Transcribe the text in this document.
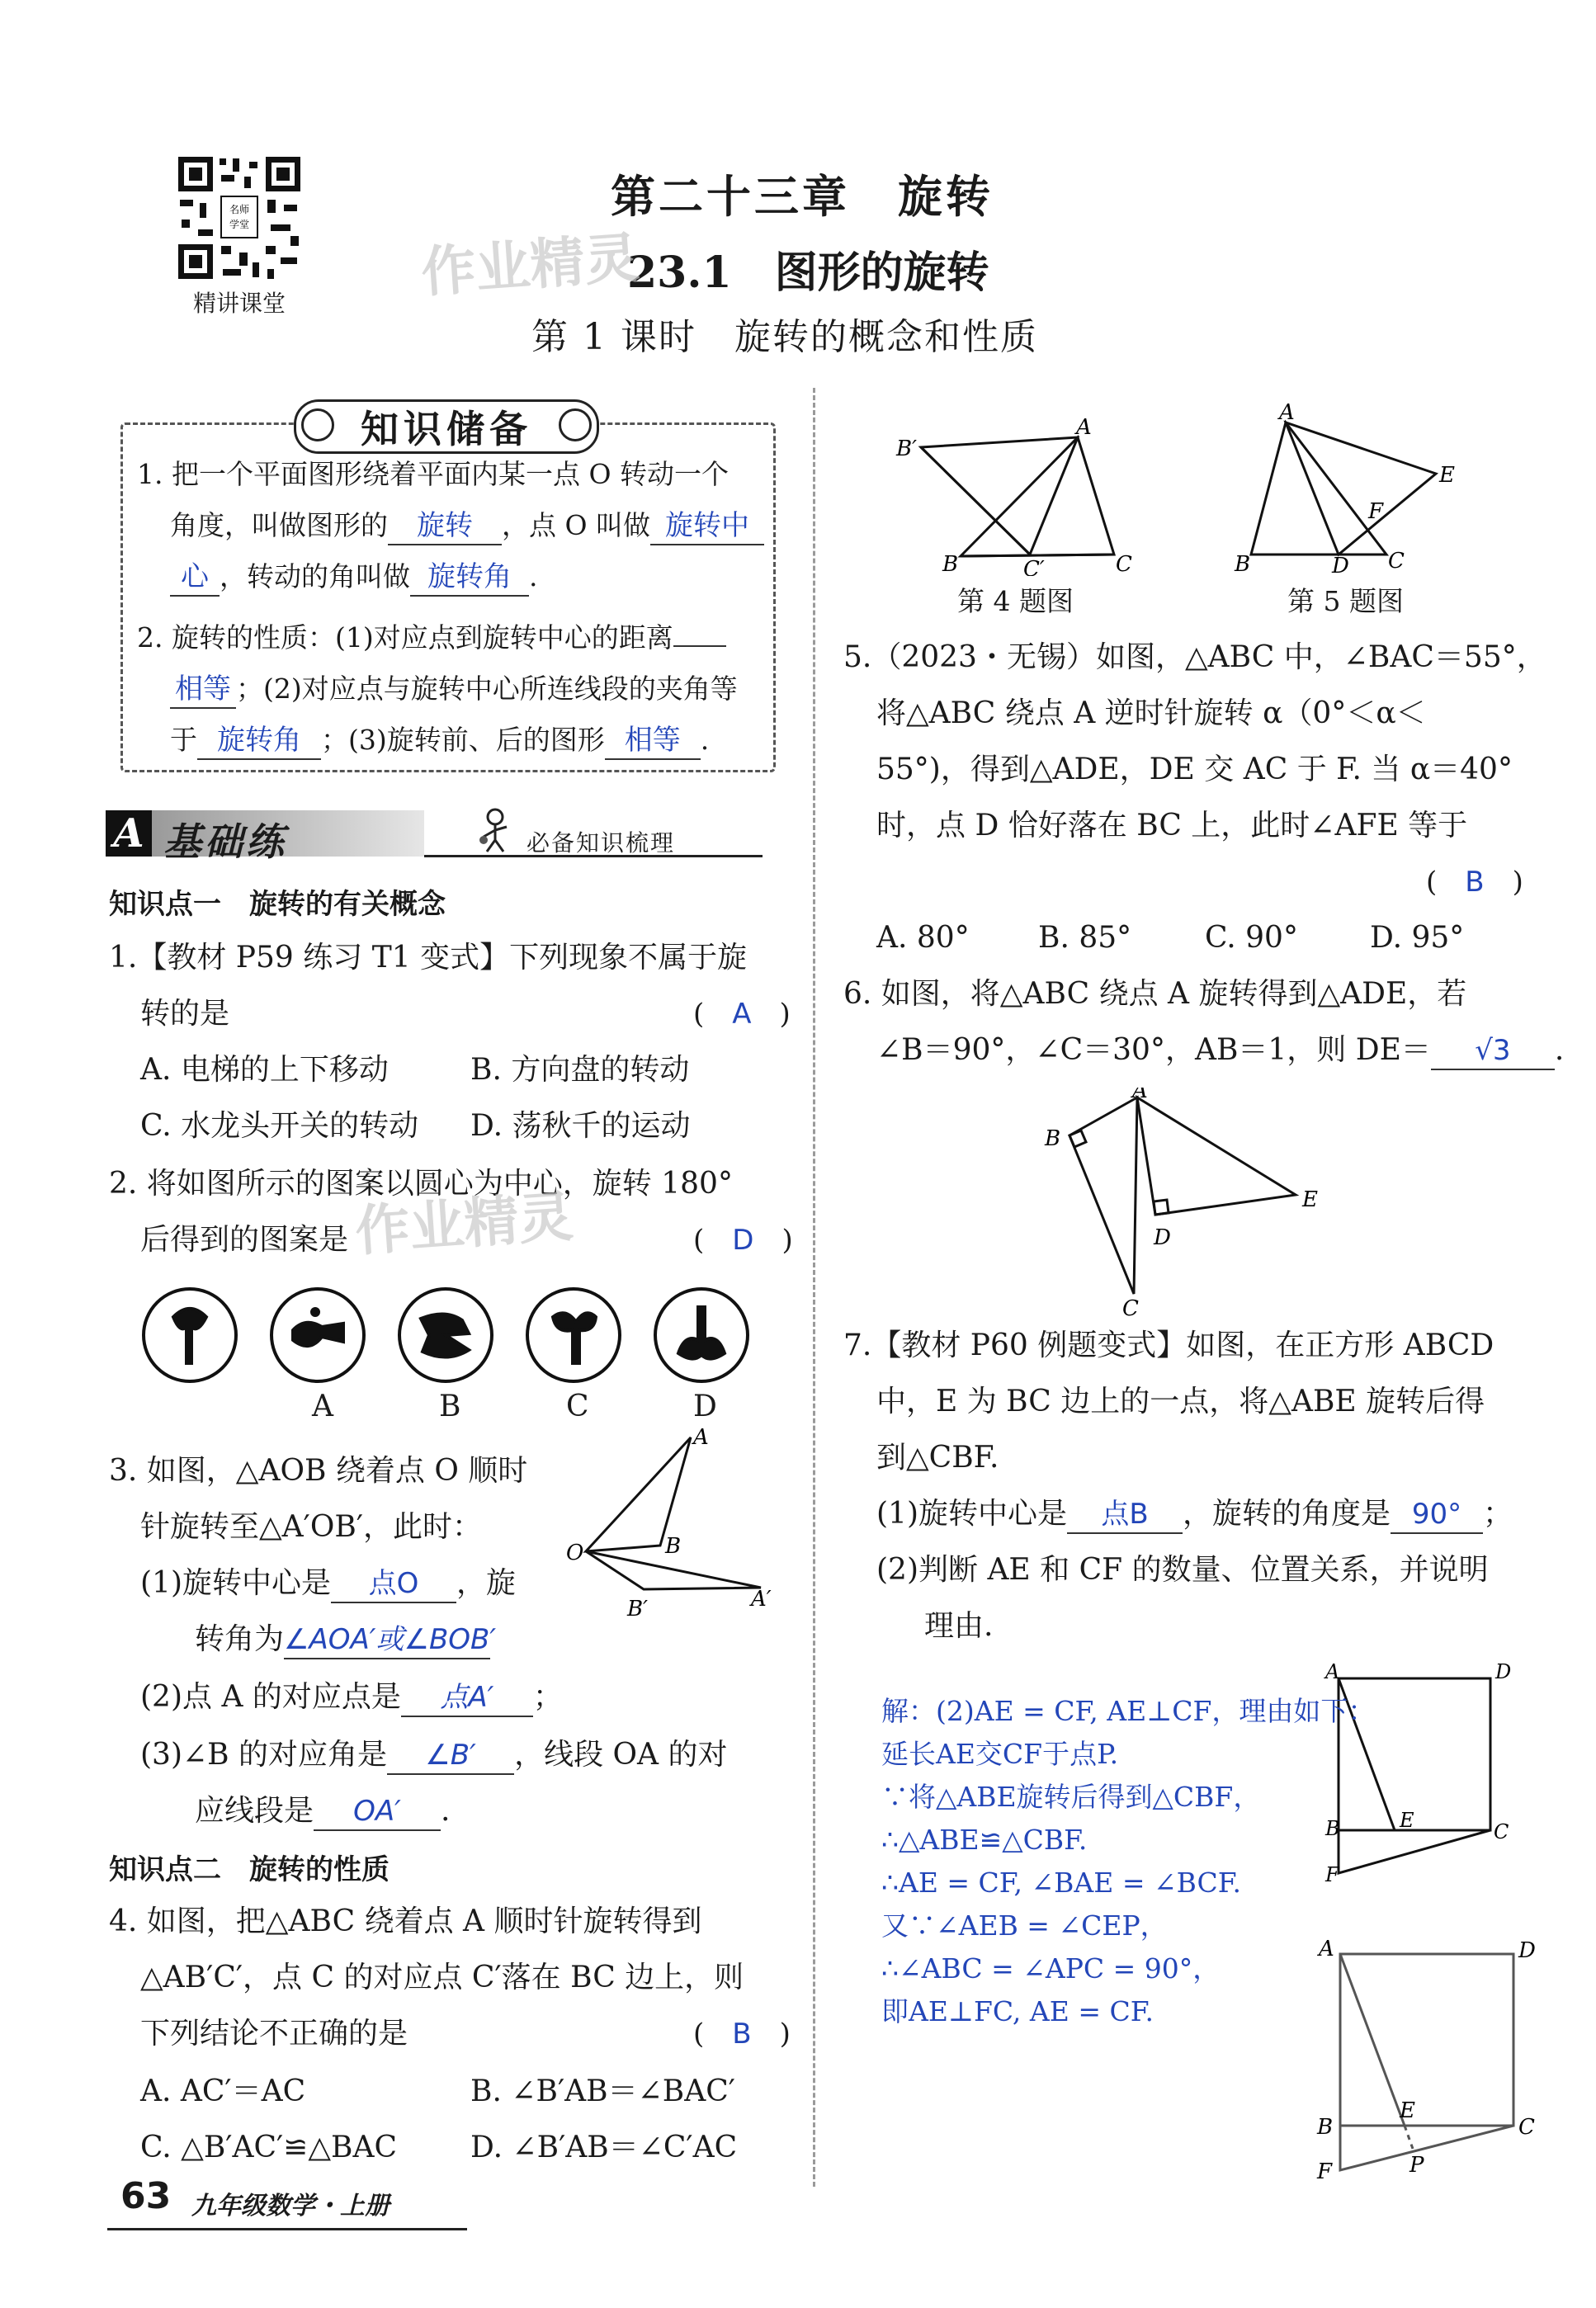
名师
学堂
精讲课堂
第二十三章　旋转
23.1　图形的旋转
第 1 课时　旋转的概念和性质
作业精灵
知识储备
1. 把一个平面图形绕着平面内某一点 O 转动一个
角度，叫做图形的 旋转 ，点 O 叫做 旋转中
心 ，转动的角叫做 旋转角 .
2. 旋转的性质：(1)对应点到旋转中心的距离
相等 ；(2)对应点与旋转中心所连线段的夹角等
于 旋转角 ；(3)旋转前、后的图形 相等 .
A 基础练	必备知识梳理
知识点一　旋转的有关概念
1.【教材 P59 练习 T1 变式】下列现象不属于旋
转的是	(　A　)
A. 电梯的上下移动	B. 方向盘的转动
C. 水龙头开关的转动 D. 荡秋千的运动
2. 将如图所示的图案以圆心为中心，旋转 180°
后得到的图案是	(　D　)
作业精灵
A	B	C	D
3. 如图，△AOB 绕着点 O 顺时
针旋转至△A′OB′，此时：
(1)旋转中心是 点O ，旋
转角为∠AOA′或∠BOB′
A
B
O
A′
B′
(2)点 A 的对应点是 点A′ ；
(3)∠B 的对应角是 ∠B′ ，线段 OA 的对
应线段是 OA′ .
知识点二　旋转的性质
4. 如图，把△ABC 绕着点 A 顺时针旋转得到
△AB′C′，点 C 的对应点 C′落在 BC 边上，则
下列结论不正确的是	(　B　)
A. AC′＝AC	B. ∠B′AB＝∠BAC′
C. △B′AC′≌△BAC D. ∠B′AB＝∠C′AC
63 九年级数学・上册
B′
A
B	C′	C
第 4 题图
A
E
F
B	D C
第 5 题图
5.（2023・无锡）如图，△ABC 中，∠BAC＝55°，
将△ABC 绕点 A 逆时针旋转 α（0°＜α＜
55°)，得到△ADE，DE 交 AC 于 F. 当 α＝40°
时，点 D 恰好落在 BC 上，此时∠AFE 等于
(　B　)
A. 80° B. 85° C. 90° D. 95°
6. 如图，将△ABC 绕点 A 旋转得到△ADE，若
∠B＝90°，∠C＝30°，AB＝1，则 DE＝ √3 .
A
B
E
D
C
7.【教材 P60 例题变式】如图，在正方形 ABCD
中，E 为 BC 边上的一点，将△ABE 旋转后得
到△CBF.
(1)旋转中心是 点B ，旋转的角度是 90° ；
(2)判断 AE 和 CF 的数量、位置关系，并说明
理由.
A	D
B	E	C
F
解：(2)AE = CF, AE⊥CF，理由如下：
延长AE交CF于点P.
∵将△ABE旋转后得到△CBF，
∴△ABE≌△CBF.
∴AE = CF, ∠BAE = ∠BCF.
又∵∠AEB = ∠CEP，
∴∠ABC = ∠APC = 90°，
即AE⊥FC, AE = CF.
A	D
B
E
C
F	P
